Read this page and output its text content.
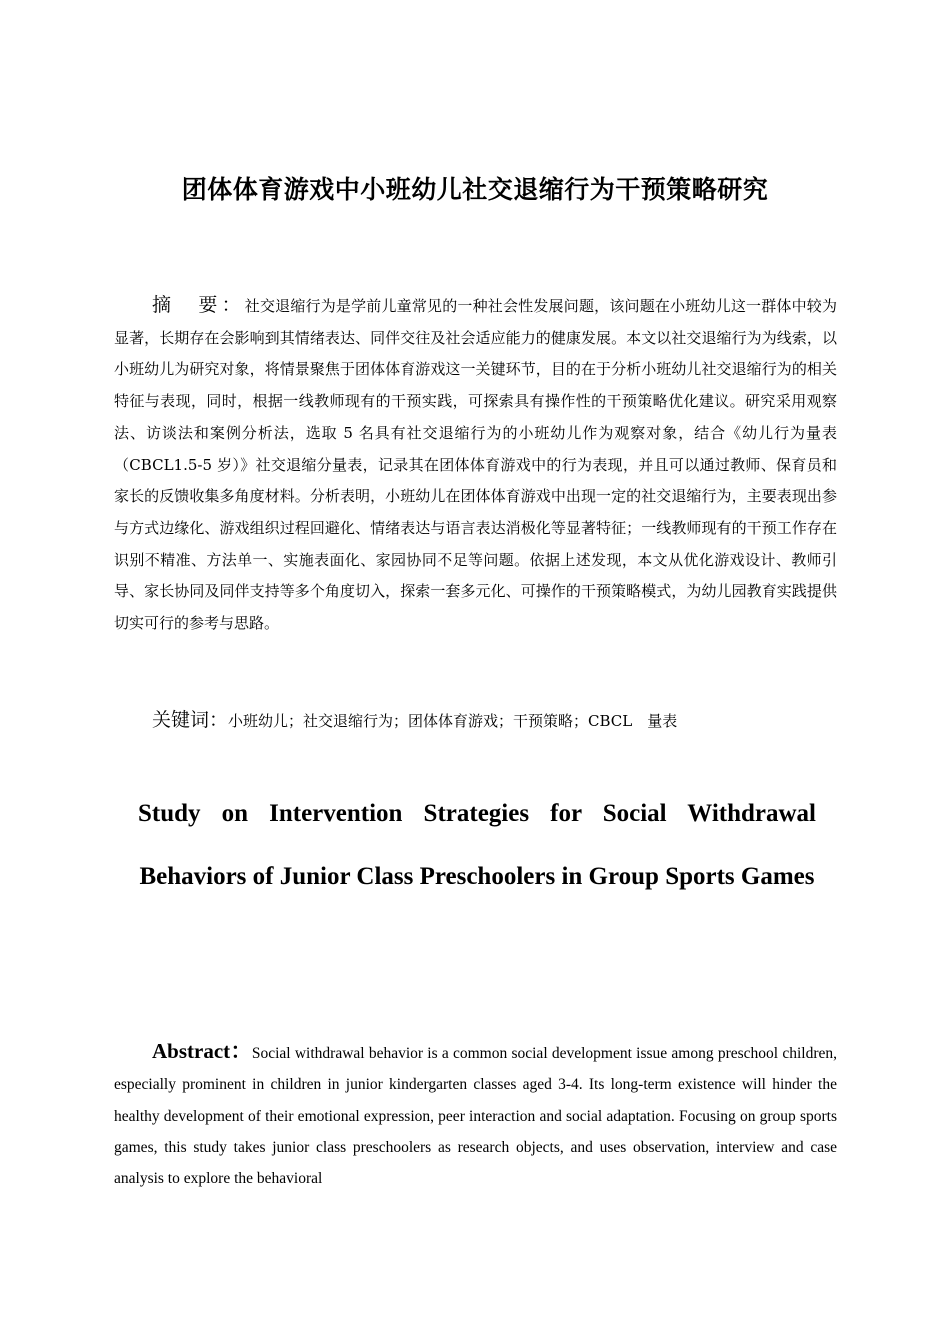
团体体育游戏中小班幼儿社交退缩行为干预策略研究
摘　要：社交退缩行为是学前儿童常见的一种社会性发展问题，该问题在小班幼儿这一群体中较为显著，长期存在会影响到其情绪表达、同伴交往及社会适应能力的健康发展。本文以社交退缩行为为线索，以小班幼儿为研究对象，将情景聚焦于团体体育游戏这一关键环节，目的在于分析小班幼儿社交退缩行为的相关特征与表现，同时，根据一线教师现有的干预实践，可探索具有操作性的干预策略优化建议。研究采用观察法、访谈法和案例分析法，选取 5 名具有社交退缩行为的小班幼儿作为观察对象，结合《幼儿行为量表（CBCL1.5-5 岁）》社交退缩分量表，记录其在团体体育游戏中的行为表现，并且可以通过教师、保育员和家长的反馈收集多角度材料。分析表明，小班幼儿在团体体育游戏中出现一定的社交退缩行为，主要表现出参与方式边缘化、游戏组织过程回避化、情绪表达与语言表达消极化等显著特征；一线教师现有的干预工作存在识别不精准、方法单一、实施表面化、家园协同不足等问题。依据上述发现，本文从优化游戏设计、教师引导、家长协同及同伴支持等多个角度切入，探索一套多元化、可操作的干预策略模式，为幼儿园教育实践提供切实可行的参考与思路。
关键词：小班幼儿；社交退缩行为；团体体育游戏；干预策略；CBCL　量表
Study on Intervention Strategies for Social Withdrawal Behaviors of Junior Class Preschoolers in Group Sports Games
Abstract：Social withdrawal behavior is a common social development issue among preschool children, especially prominent in children in junior kindergarten classes aged 3-4. Its long-term existence will hinder the healthy development of their emotional expression, peer interaction and social adaptation. Focusing on group sports games, this study takes junior class preschoolers as research objects, and uses observation, interview and case analysis to explore the behavioral
